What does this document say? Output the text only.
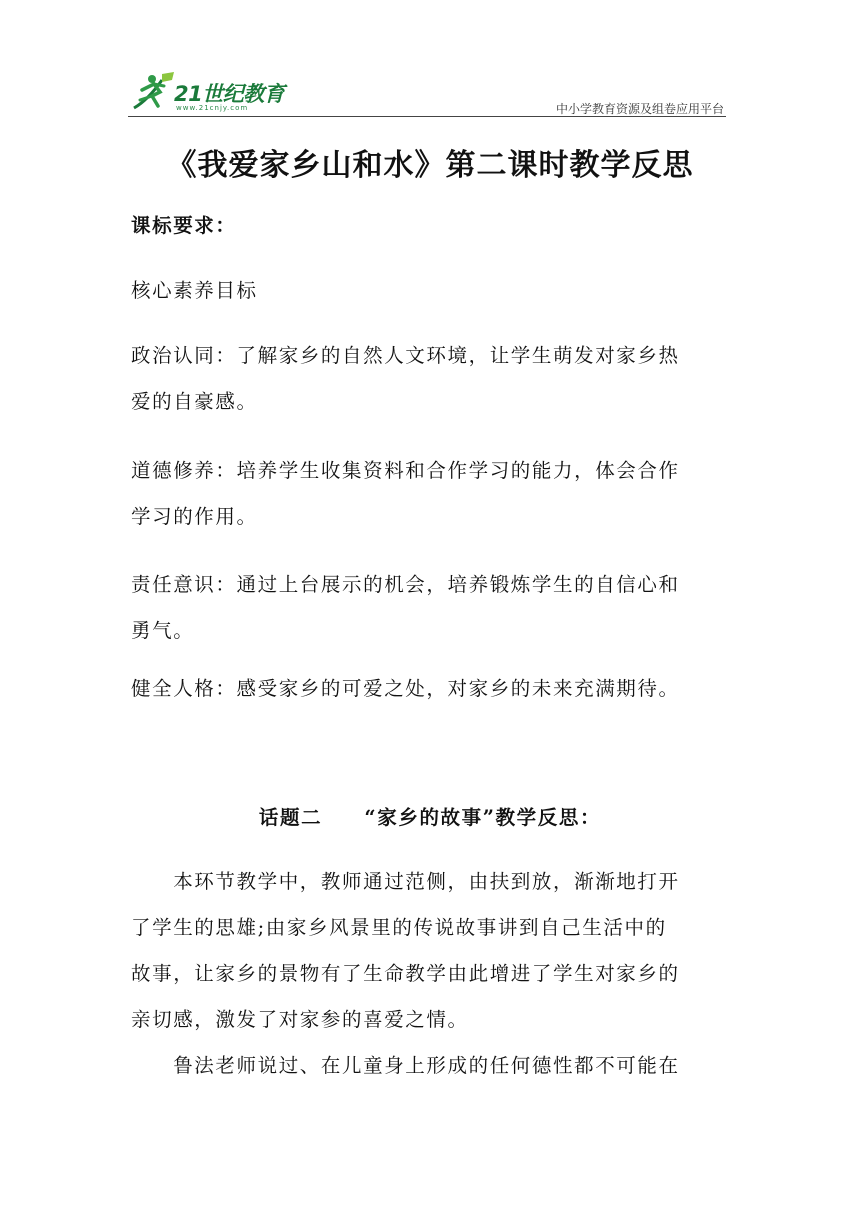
21世纪教育
www.21cnjy.com	中小学教育资源及组卷应用平台
《我爱家乡山和水》第二课时教学反思
课标要求：
核心素养目标
政治认同：了解家乡的自然人文环境，让学生萌发对家乡热
爱的自豪感。
道德修养：培养学生收集资料和合作学习的能力，体会合作
学习的作用。
责任意识：通过上台展示的机会，培养锻炼学生的自信心和
勇气。
健全人格：感受家乡的可爱之处，对家乡的未来充满期待。
话题二　　“家乡的故事”教学反思：
　　本环节教学中，教师通过范侧，由扶到放，渐渐地打开
了学生的思雄;由家乡风景里的传说故事讲到自己生活中的
故事，让家乡的景物有了生命教学由此增进了学生对家乡的
亲切感，激发了对家参的喜爱之情。
　　鲁法老师说过、在儿童身上形成的任何德性都不可能在
